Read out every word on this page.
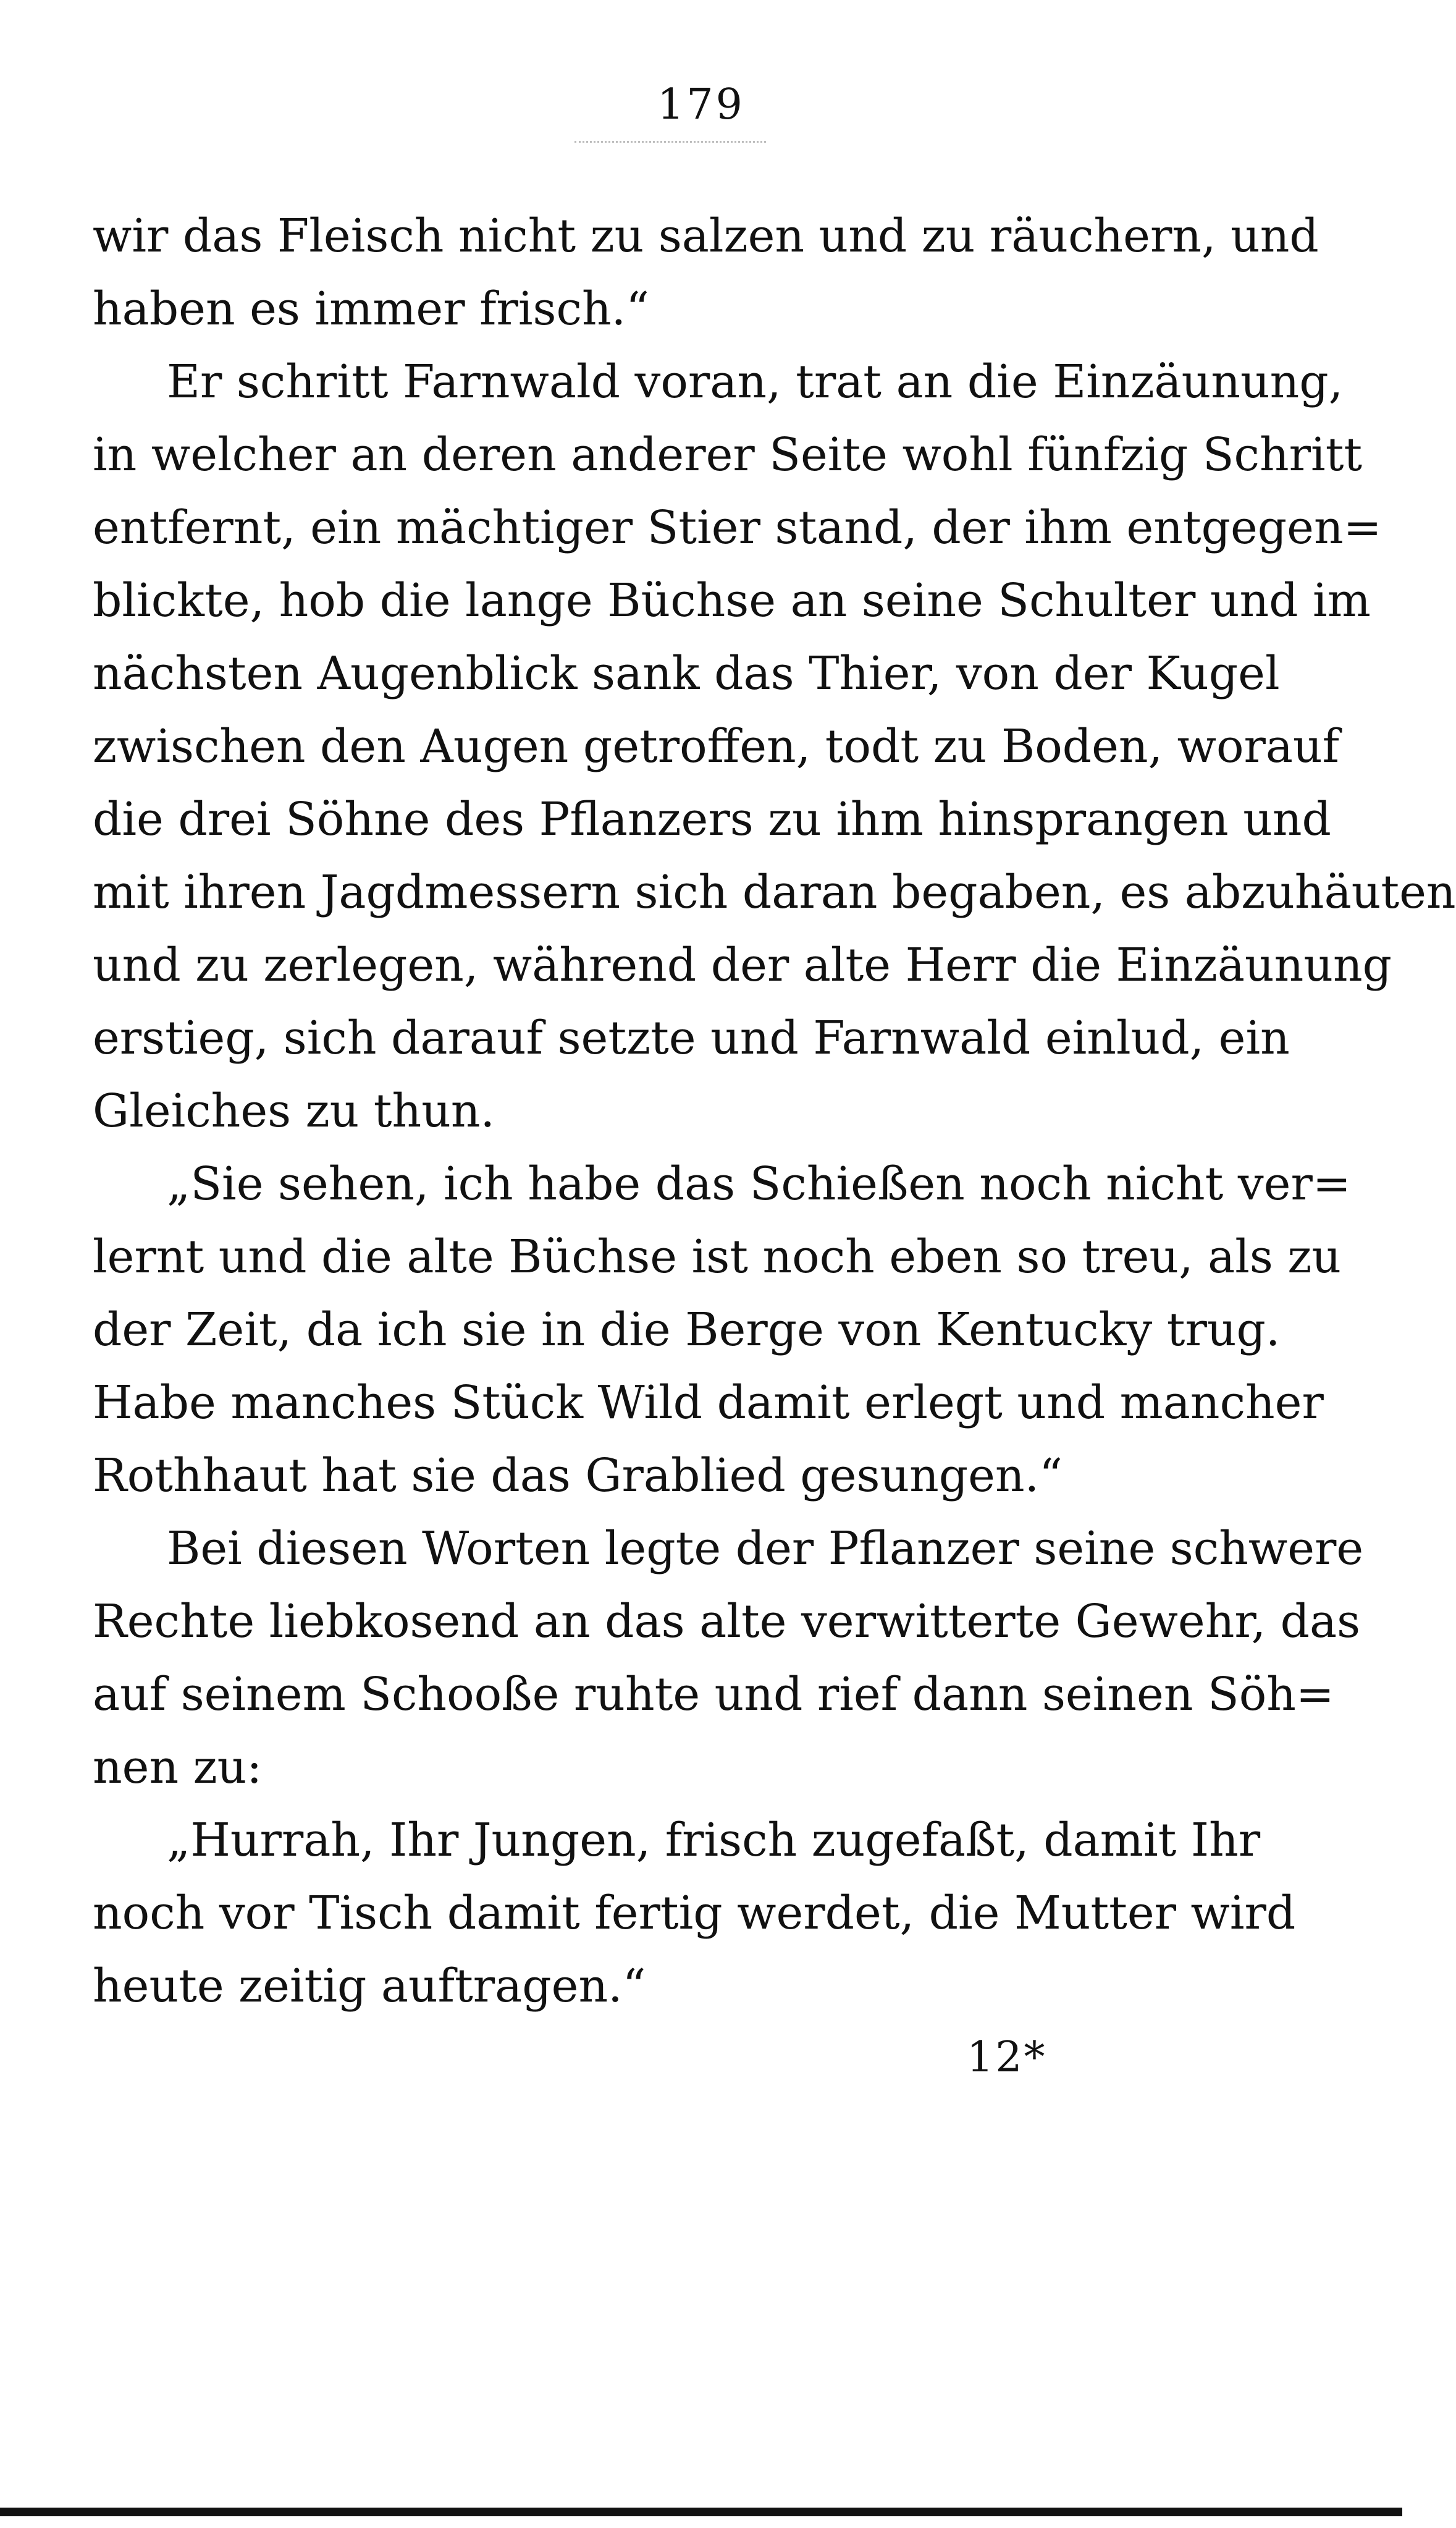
179
wir das Fleisch nicht zu salzen und zu räuchern, und
haben es immer frisch.“
Er schritt Farnwald voran, trat an die Einzäunung,
in welcher an deren anderer Seite wohl fünfzig Schritt
entfernt, ein mächtiger Stier stand, der ihm entgegen=
blickte, hob die lange Büchse an seine Schulter und im
nächsten Augenblick sank das Thier, von der Kugel
zwischen den Augen getroffen, todt zu Boden, worauf
die drei Söhne des Pflanzers zu ihm hinsprangen und
mit ihren Jagdmessern sich daran begaben, es abzuhäuten
und zu zerlegen, während der alte Herr die Einzäunung
erstieg, sich darauf setzte und Farnwald einlud, ein
Gleiches zu thun.
„Sie sehen, ich habe das Schießen noch nicht ver=
lernt und die alte Büchse ist noch eben so treu, als zu
der Zeit, da ich sie in die Berge von Kentucky trug.
Habe manches Stück Wild damit erlegt und mancher
Rothhaut hat sie das Grablied gesungen.“
Bei diesen Worten legte der Pflanzer seine schwere
Rechte liebkosend an das alte verwitterte Gewehr, das
auf seinem Schooße ruhte und rief dann seinen Söh=
nen zu:
„Hurrah, Ihr Jungen, frisch zugefaßt, damit Ihr
noch vor Tisch damit fertig werdet, die Mutter wird
heute zeitig auftragen.“
12*
